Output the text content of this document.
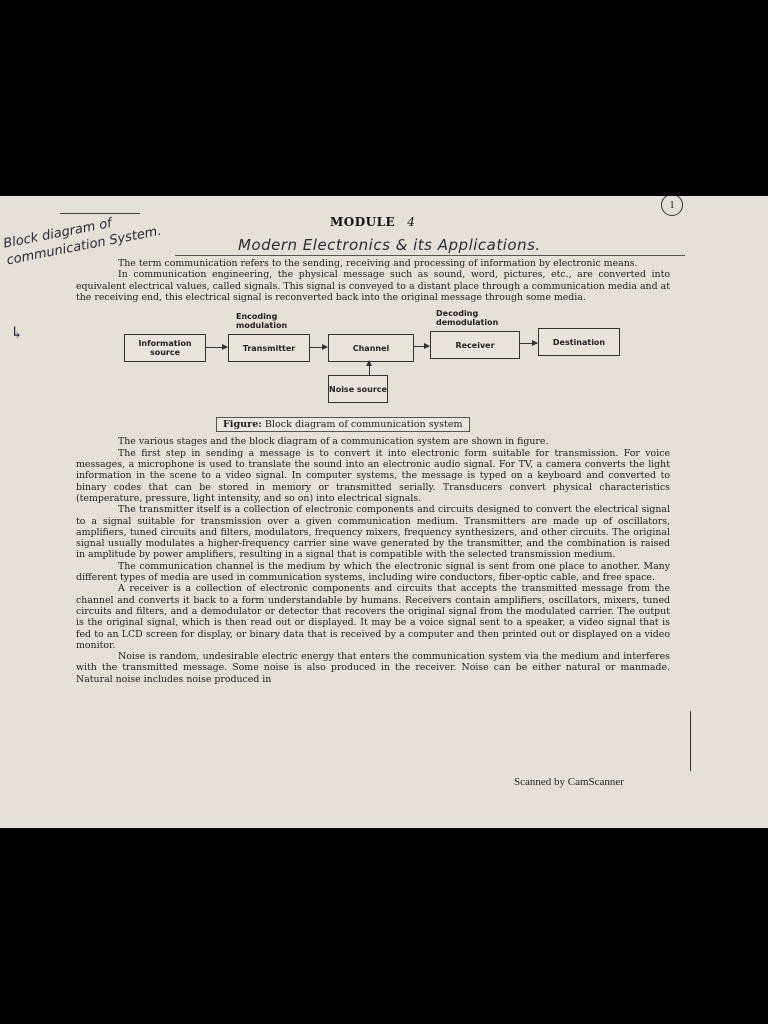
1
MODULE 4
Modern Electronics & its Applications.
Block diagram of communication System.
↳

The term communication refers to the sending, receiving and processing of information by electronic means.

In communication engineering, the physical message such as sound, word, pictures, etc., are converted into equivalent electrical values, called signals. This signal is conveyed to a distant place through a communication media and at the receiving end, this electrical signal is reconverted back into the original message through some media.

Encoding modulation
Decoding demodulation
Information source	Transmitter	Channel	Receiver	Destination
Noise source
Figure: Block diagram of communication system

The various stages and the block diagram of a communication system are shown in figure.

The first step in sending a message is to convert it into electronic form suitable for transmission. For voice messages, a microphone is used to translate the sound into an electronic audio signal. For TV, a camera converts the light information in the scene to a video signal. In computer systems, the message is typed on a keyboard and converted to binary codes that can be stored in memory or transmitted serially. Transducers convert physical characteristics (temperature, pressure, light intensity, and so on) into electrical signals.

The transmitter itself is a collection of electronic components and circuits designed to convert the electrical signal to a signal suitable for transmission over a given communication medium. Transmitters are made up of oscillators, amplifiers, tuned circuits and filters, modulators, frequency mixers, frequency synthesizers, and other circuits. The original signal usually modulates a higher-frequency carrier sine wave generated by the transmitter, and the combination is raised in amplitude by power amplifiers, resulting in a signal that is compatible with the selected transmission medium.

The communication channel is the medium by which the electronic signal is sent from one place to another. Many different types of media are used in communication systems, including wire conductors, fiber-optic cable, and free space.

A receiver is a collection of electronic components and circuits that accepts the transmitted message from the channel and converts it back to a form understandable by humans. Receivers contain amplifiers, oscillators, mixers, tuned circuits and filters, and a demodulator or detector that recovers the original signal from the modulated carrier. The output is the original signal, which is then read out or displayed. It may be a voice signal sent to a speaker, a video signal that is fed to an LCD screen for display, or binary data that is received by a computer and then printed out or displayed on a video monitor.

Noise is random, undesirable electric energy that enters the communication system via the medium and interferes with the transmitted message. Some noise is also produced in the receiver. Noise can be either natural or manmade. Natural noise includes noise produced in

Scanned by CamScanner
